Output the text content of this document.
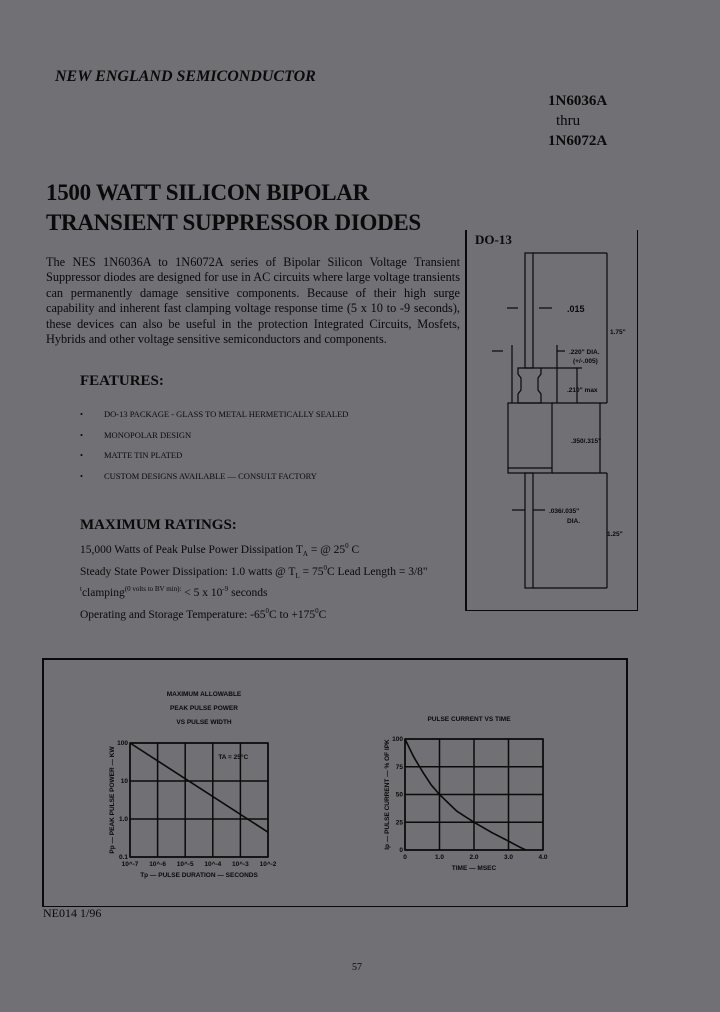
NEW ENGLAND SEMICONDUCTOR
1N6036A
thru
1N6072A
1500 WATT SILICON BIPOLAR
TRANSIENT SUPPRESSOR DIODES
The NES 1N6036A to 1N6072A series of Bipolar Silicon Voltage Transient Suppressor diodes are designed for use in AC circuits where large voltage transients can permanently damage sensitive components. Because of their high surge capability and inherent fast clamping voltage response time (5 x 10 to -9 seconds), these devices can also be useful in the protection Integrated Circuits, Mosfets, Hybrids and other voltage sensitive semiconductors and components.
FEATURES:
• DO-13 PACKAGE - GLASS TO METAL HERMETICALLY SEALED
• MONOPOLAR DESIGN
• MATTE TIN PLATED
• CUSTOM DESIGNS AVAILABLE — CONSULT FACTORY
MAXIMUM RATINGS:
15,000 Watts of Peak Pulse Power Dissipation $T_A$ = @ $25^0$ C
Steady State Power Dissipation: 1.0 watts @ $T_L = 75^0C$ Lead Length = 3/8"
$^t$clamping$^{(0 volts to BV min):}$ < 5 x $10^{-9}$ seconds
Operating and Storage Temperature: $-65^0C$ to $+175^0C$
DO-13
.015
1.75"
.220" DIA.
(+/-.005)
.210" max
.350/.315"
.036/.035"
DIA.
1.25"
MAXIMUM ALLOWABLE
PEAK PULSE POWER
VS PULSE WIDTH	PULSE CURRENT VS TIME
10^-7 10^-6 10^-5 10^-4 10^-3 10^-2
0.1
1.0
10
100
Tp — PULSE DURATION — SECONDS
Pp — PEAK PULSE POWER — KW	TA = 25°C
0	1.0	2.0	3.0	4.0
0
25
50
75
100
TIME — MSEC
Ip — PULSE CURRENT — % OF IPK
NE014 1/96
57
